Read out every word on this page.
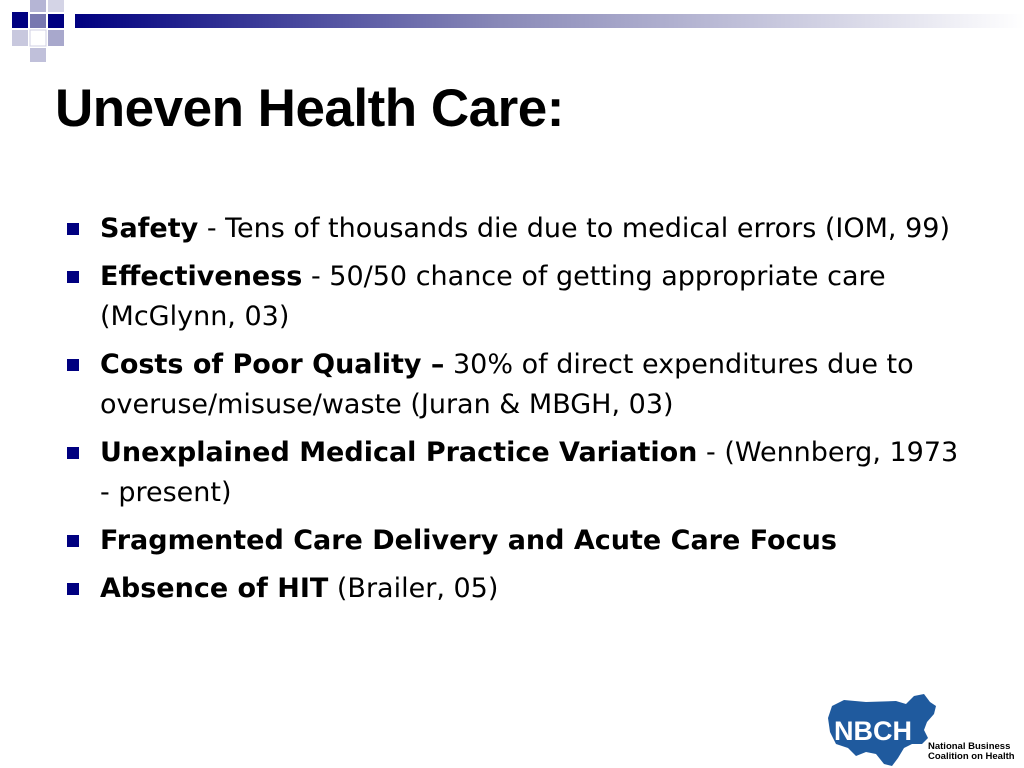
Uneven Health Care:
Safety - Tens of thousands die due to medical errors (IOM, 99)
Effectiveness - 50/50 chance of getting appropriate care (McGlynn, 03)
Costs of Poor Quality – 30% of direct expenditures due to overuse/misuse/waste (Juran & MBGH, 03)
Unexplained Medical Practice Variation - (Wennberg, 1973 - present)
Fragmented Care Delivery and Acute Care Focus
Absence of HIT (Brailer, 05)
NBCH
National Business
Coalition on Health
